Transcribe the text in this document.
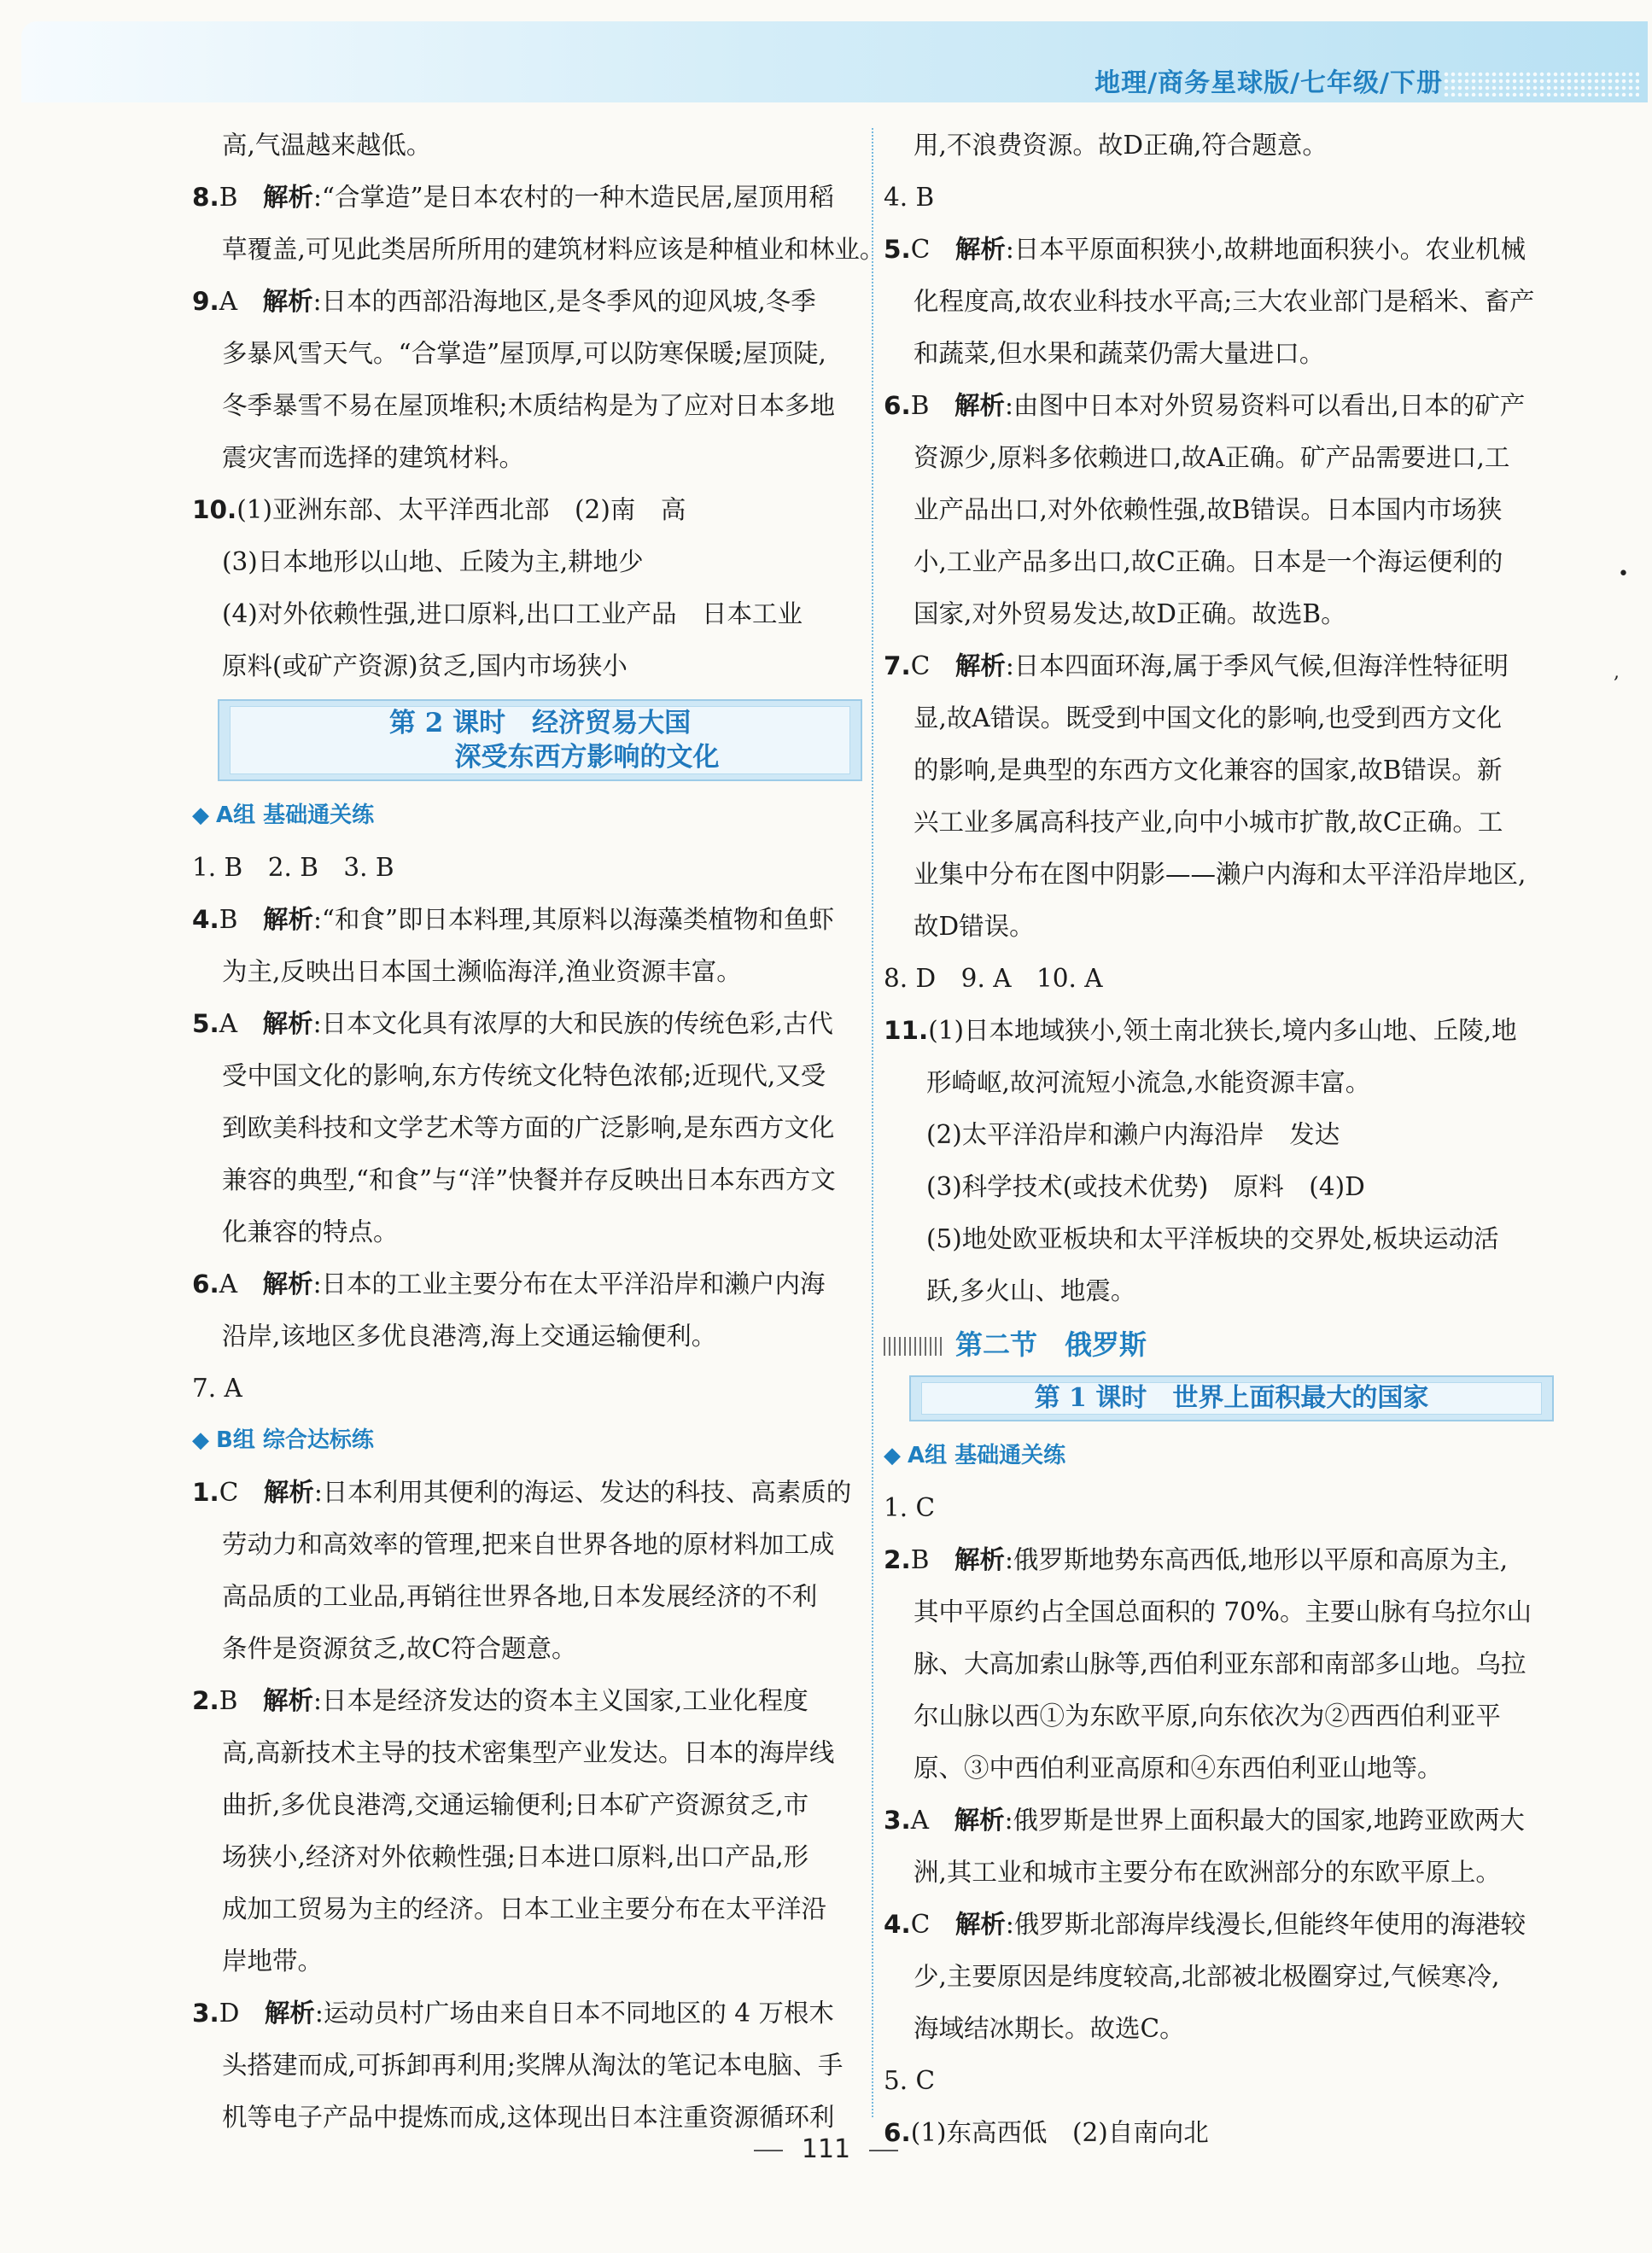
地理/商务星球版/七年级/下册

高,气温越来越低。

8.B　 解析:“合掌造”是日本农村的一种木造民居,屋顶用稻

草覆盖,可见此类居所所用的建筑材料应该是种植业和林业。

9.A　 解析:日本的西部沿海地区,是冬季风的迎风坡,冬季

多暴风雪天气。“合掌造”屋顶厚,可以防寒保暖;屋顶陡,

冬季暴雪不易在屋顶堆积;木质结构是为了应对日本多地

震灾害而选择的建筑材料。

10.(1)亚洲东部、太平洋西北部　(2)南　高

(3)日本地形以山地、丘陵为主,耕地少

(4)对外依赖性强,进口原料,出口工业产品　日本工业

原料(或矿产资源)贫乏,国内市场狭小

第 2 课时　经济贸易大国
深受东西方影响的文化

◆ A组 基础通关练

1. B　2. B　3. B

4.B　 解析:“和食”即日本料理,其原料以海藻类植物和鱼虾

为主,反映出日本国土濒临海洋,渔业资源丰富。

5.A　 解析:日本文化具有浓厚的大和民族的传统色彩,古代

受中国文化的影响,东方传统文化特色浓郁;近现代,又受

到欧美科技和文学艺术等方面的广泛影响,是东西方文化

兼容的典型,“和食”与“洋”快餐并存反映出日本东西方文

化兼容的特点。

6.A　 解析:日本的工业主要分布在太平洋沿岸和濑户内海

沿岸,该地区多优良港湾,海上交通运输便利。

7. A

◆ B组 综合达标练

1.C　 解析:日本利用其便利的海运、发达的科技、高素质的

劳动力和高效率的管理,把来自世界各地的原材料加工成

高品质的工业品,再销往世界各地,日本发展经济的不利

条件是资源贫乏,故C符合题意。

2.B　 解析:日本是经济发达的资本主义国家,工业化程度

高,高新技术主导的技术密集型产业发达。日本的海岸线

曲折,多优良港湾,交通运输便利;日本矿产资源贫乏,市

场狭小,经济对外依赖性强;日本进口原料,出口产品,形

成加工贸易为主的经济。日本工业主要分布在太平洋沿

岸地带。

3.D　 解析:运动员村广场由来自日本不同地区的 4 万根木

头搭建而成,可拆卸再利用;奖牌从淘汰的笔记本电脑、手

机等电子产品中提炼而成,这体现出日本注重资源循环利

用,不浪费资源。故D正确,符合题意。

4. B

5.C　 解析:日本平原面积狭小,故耕地面积狭小。农业机械

化程度高,故农业科技水平高;三大农业部门是稻米、畜产

和蔬菜,但水果和蔬菜仍需大量进口。

6.B　 解析:由图中日本对外贸易资料可以看出,日本的矿产

资源少,原料多依赖进口,故A正确。矿产品需要进口,工

业产品出口,对外依赖性强,故B错误。日本国内市场狭

小,工业产品多出口,故C正确。日本是一个海运便利的

国家,对外贸易发达,故D正确。故选B。

7.C　 解析:日本四面环海,属于季风气候,但海洋性特征明

显,故A错误。既受到中国文化的影响,也受到西方文化

的影响,是典型的东西方文化兼容的国家,故B错误。新

兴工业多属高科技产业,向中小城市扩散,故C正确。工

业集中分布在图中阴影——濑户内海和太平洋沿岸地区,

故D错误。

8. D　9. A　10. A

11.(1)日本地域狭小,领土南北狭长,境内多山地、丘陵,地

形崎岖,故河流短小流急,水能资源丰富。

(2)太平洋沿岸和濑户内海沿岸　发达

(3)科学技术(或技术优势)　原料　(4)D

(5)地处欧亚板块和太平洋板块的交界处,板块运动活

跃,多火山、地震。

第二节　俄罗斯

第 1 课时　世界上面积最大的国家

◆ A组 基础通关练

1. C

2.B　 解析:俄罗斯地势东高西低,地形以平原和高原为主,

其中平原约占全国总面积的 70%。主要山脉有乌拉尔山

脉、大高加索山脉等,西伯利亚东部和南部多山地。乌拉

尔山脉以西①为东欧平原,向东依次为②西西伯利亚平

原、③中西伯利亚高原和④东西伯利亚山地等。

3.A　 解析:俄罗斯是世界上面积最大的国家,地跨亚欧两大

洲,其工业和城市主要分布在欧洲部分的东欧平原上。

4.C　 解析:俄罗斯北部海岸线漫长,但能终年使用的海港较

少,主要原因是纬度较高,北部被北极圈穿过,气候寒冷,

海域结冰期长。故选C。

5. C

6.(1)东高西低　(2)自南向北

•
,
111
